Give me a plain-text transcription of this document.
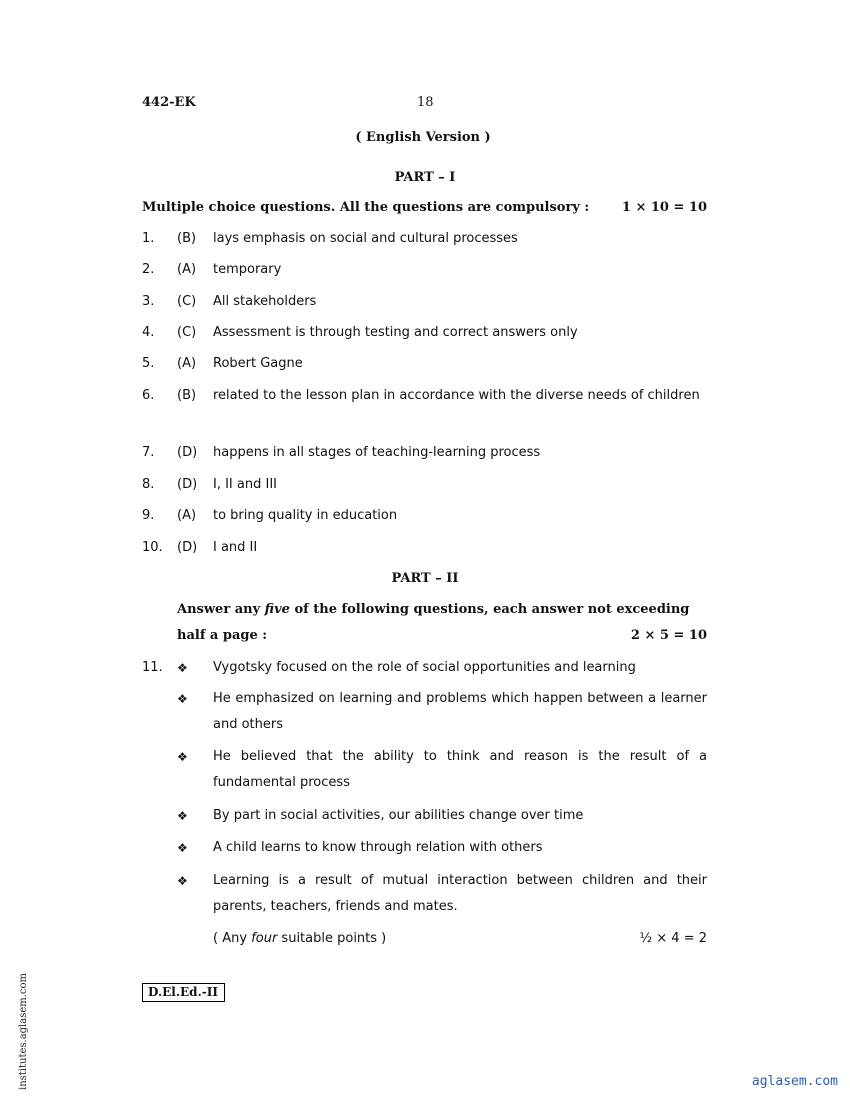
442-EK	18
( English Version )
PART – I
Multiple choice questions. All the questions are compulsory :	1 × 10 = 10
1.	(B)	lays emphasis on social and cultural processes
2.	(A)	temporary
3.	(C)	All stakeholders
4.	(C)	Assessment is through testing and correct answers only
5.	(A)	Robert Gagne
6.	(B)	related to the lesson plan in accordance with the diverse needs of children
7.	(D)	happens in all stages of teaching-learning process
8.	(D)	I, II and III
9.	(A)	to bring quality in education
10.	(D)	I and II
PART – II
Answer any five of the following questions, each answer not exceeding
half a page :	2 × 5 = 10
11.	❖	Vygotsky focused on the role of social opportunities and learning
❖	He emphasized on learning and problems which happen between a learner and others
❖	He believed that the ability to think and reason is the result of a fundamental process
❖	By part in social activities, our abilities change over time
❖	A child learns to know through relation with others
❖	Learning is a result of mutual interaction between children and their parents, teachers, friends and mates.
( Any four suitable points )	½ × 4 = 2
D.El.Ed.-II
institutes.aglasem.com	aglasem.com
